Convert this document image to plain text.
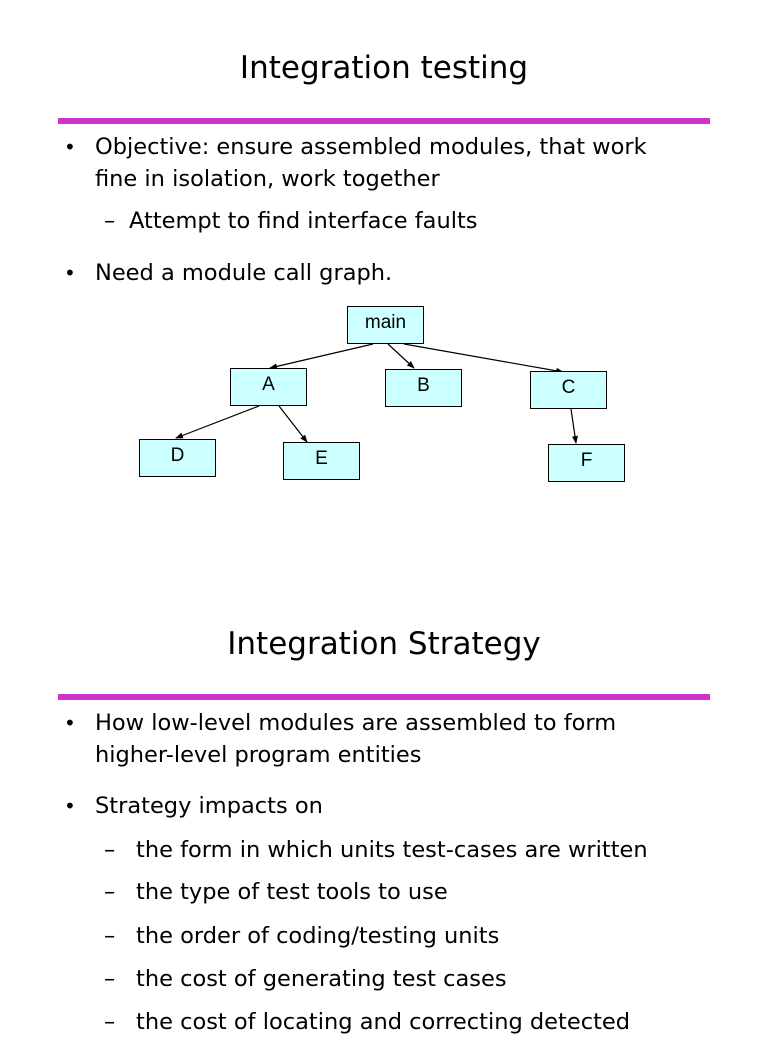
Integration testing
• Objective: ensure assembled modules, that work
fine in isolation, work together
– Attempt to find interface faults
• Need a module call graph.
main
A	B	C
D	E	F
Integration Strategy
• How low-level modules are assembled to form
higher-level program entities
• Strategy impacts on
– the form in which units test-cases are written
– the type of test tools to use
– the order of coding/testing units
– the cost of generating test cases
– the cost of locating and correcting detected
